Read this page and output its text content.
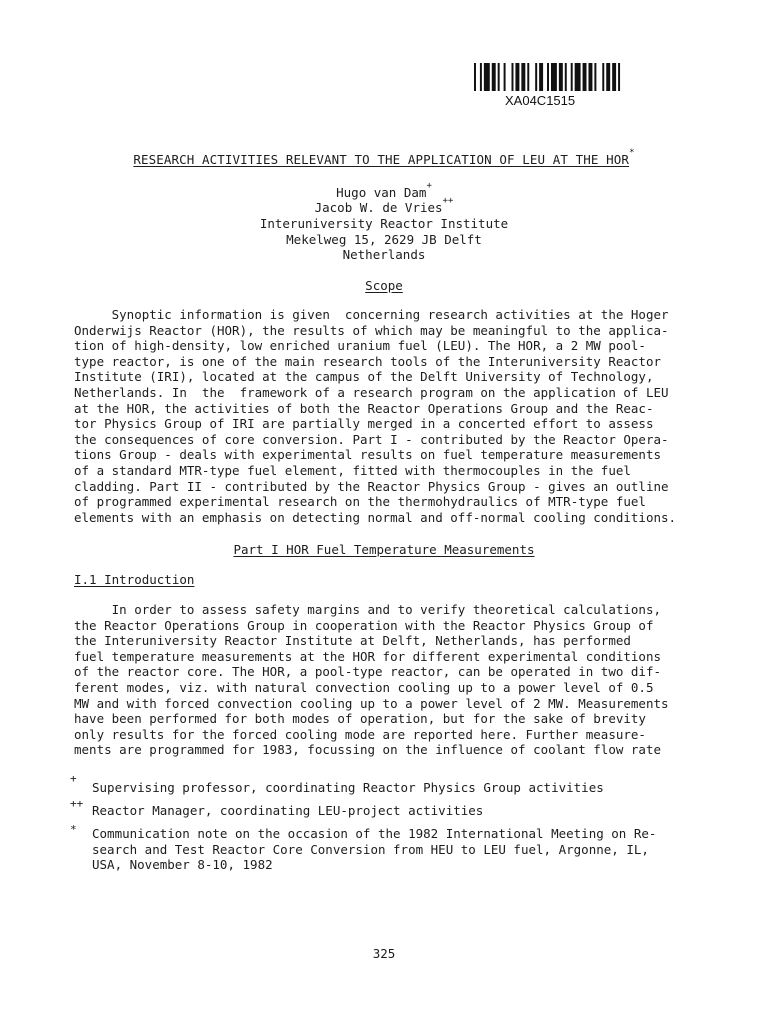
XA04C1515
RESEARCH ACTIVITIES RELEVANT TO THE APPLICATION OF LEU AT THE HOR*
Hugo van Dam+
Jacob W. de Vries++
Interuniversity Reactor Institute
Mekelweg 15, 2629 JB Delft
Netherlands
Scope
Synoptic information is given  concerning research activities at the Hoger
Onderwijs Reactor (HOR), the results of which may be meaningful to the applica-
tion of high-density, low enriched uranium fuel (LEU). The HOR, a 2 MW pool-
type reactor, is one of the main research tools of the Interuniversity Reactor
Institute (IRI), located at the campus of the Delft University of Technology,
Netherlands. In  the  framework of a research program on the application of LEU
at the HOR, the activities of both the Reactor Operations Group and the Reac-
tor Physics Group of IRI are partially merged in a concerted effort to assess
the consequences of core conversion. Part I - contributed by the Reactor Opera-
tions Group - deals with experimental results on fuel temperature measurements
of a standard MTR-type fuel element, fitted with thermocouples in the fuel
cladding. Part II - contributed by the Reactor Physics Group - gives an outline
of programmed experimental research on the thermohydraulics of MTR-type fuel
elements with an emphasis on detecting normal and off-normal cooling conditions.
Part I HOR Fuel Temperature Measurements
I.1 Introduction
In order to assess safety margins and to verify theoretical calculations,
the Reactor Operations Group in cooperation with the Reactor Physics Group of
the Interuniversity Reactor Institute at Delft, Netherlands, has performed
fuel temperature measurements at the HOR for different experimental conditions
of the reactor core. The HOR, a pool-type reactor, can be operated in two dif-
ferent modes, viz. with natural convection cooling up to a power level of 0.5
MW and with forced convection cooling up to a power level of 2 MW. Measurements
have been performed for both modes of operation, but for the sake of brevity
only results for the forced cooling mode are reported here. Further measure-
ments are programmed for 1983, focussing on the influence of coolant flow rate
+
Supervising professor, coordinating Reactor Physics Group activities
++ Reactor Manager, coordinating LEU-project activities
* Communication note on the occasion of the 1982 International Meeting on Re-
search and Test Reactor Core Conversion from HEU to LEU fuel, Argonne, IL,
USA, November 8-10, 1982
325
